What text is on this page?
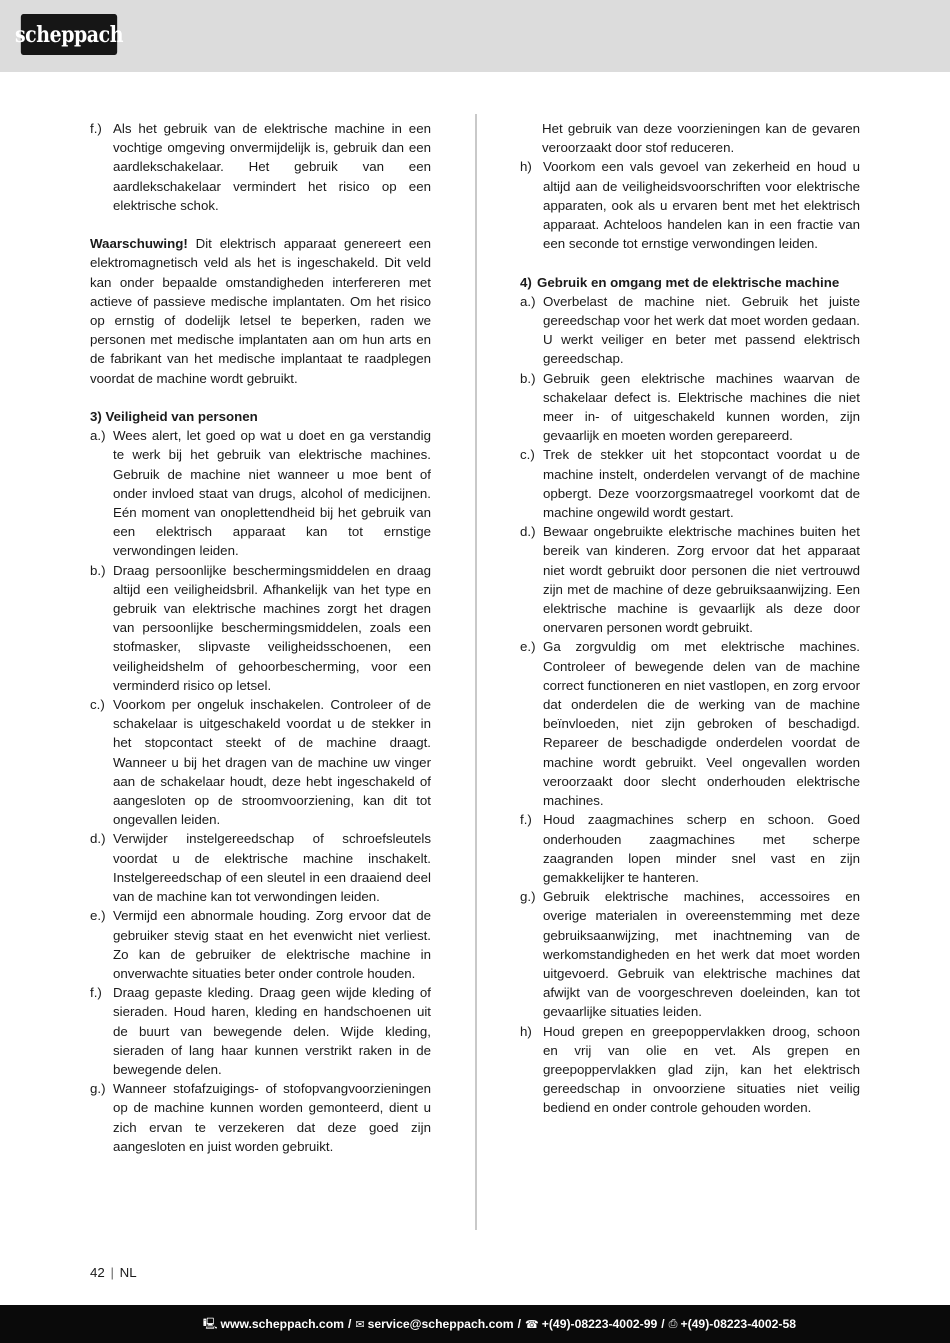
scheppach
f.) Als het gebruik van de elektrische machine in een vochtige omgeving onvermijdelijk is, gebruik dan een aardlekschakelaar. Het gebruik van een aardlekschakelaar vermindert het risico op een elektrische schok.

Waarschuwing! Dit elektrisch apparaat genereert een elektromagnetisch veld als het is ingeschakeld. Dit veld kan onder bepaalde omstandigheden interfereren met actieve of passieve medische implantaten. Om het risico op ernstig of dodelijk letsel te beperken, raden we personen met medische implantaten aan om hun arts en de fabrikant van het medische implantaat te raadplegen voordat de machine wordt gebruikt.

3) Veiligheid van personen
a.) Wees alert, let goed op wat u doet en ga verstandig te werk bij het gebruik van elektrische machines. Gebruik de machine niet wanneer u moe bent of onder invloed staat van drugs, alcohol of medicijnen. Eén moment van onoplettendheid bij het gebruik van een elektrisch apparaat kan tot ernstige verwondingen leiden.
b.) Draag persoonlijke beschermingsmiddelen en draag altijd een veiligheidsbril. Afhankelijk van het type en gebruik van elektrische machines zorgt het dragen van persoonlijke beschermingsmiddelen, zoals een stofmasker, slipvaste veiligheidsschoenen, een veiligheidshelm of gehoorbescherming, voor een verminderd risico op letsel.
c.) Voorkom per ongeluk inschakelen. Controleer of de schakelaar is uitgeschakeld voordat u de stekker in het stopcontact steekt of de machine draagt. Wanneer u bij het dragen van de machine uw vinger aan de schakelaar houdt, deze hebt ingeschakeld of aangesloten op de stroomvoorziening, kan dit tot ongevallen leiden.
d.) Verwijder instelgereedschap of schroefsleutels voordat u de elektrische machine inschakelt. Instelgereedschap of een sleutel in een draaiend deel van de machine kan tot verwondingen leiden.
e.) Vermijd een abnormale houding. Zorg ervoor dat de gebruiker stevig staat en het evenwicht niet verliest. Zo kan de gebruiker de elektrische machine in onverwachte situaties beter onder controle houden.
f.) Draag gepaste kleding. Draag geen wijde kleding of sieraden. Houd haren, kleding en handschoenen uit de buurt van bewegende delen. Wijde kleding, sieraden of lang haar kunnen verstrikt raken in de bewegende delen.
g.) Wanneer stofafzuigings- of stofopvangvoorzieningen op de machine kunnen worden gemonteerd, dient u zich ervan te verzekeren dat deze goed zijn aangesloten en juist worden gebruikt.
Het gebruik van deze voorzieningen kan de gevaren veroorzaakt door stof reduceren.
h) Voorkom een vals gevoel van zekerheid en houd u altijd aan de veiligheidsvoorschriften voor elektrische apparaten, ook als u ervaren bent met het elektrisch apparaat. Achteloos handelen kan in een fractie van een seconde tot ernstige verwondingen leiden.
4) Gebruik en omgang met de elektrische machine
a.) Overbelast de machine niet. Gebruik het juiste gereedschap voor het werk dat moet worden gedaan. U werkt veiliger en beter met passend elektrisch gereedschap.
b.) Gebruik geen elektrische machines waarvan de schakelaar defect is. Elektrische machines die niet meer in- of uitgeschakeld kunnen worden, zijn gevaarlijk en moeten worden gerepareerd.
c.) Trek de stekker uit het stopcontact voordat u de machine instelt, onderdelen vervangt of de machine opbergt. Deze voorzorgsmaatregel voorkomt dat de machine ongewild wordt gestart.
d.) Bewaar ongebruikte elektrische machines buiten het bereik van kinderen. Zorg ervoor dat het apparaat niet wordt gebruikt door personen die niet vertrouwd zijn met de machine of deze gebruiksaanwijzing. Een elektrische machine is gevaarlijk als deze door onervaren personen wordt gebruikt.
e.) Ga zorgvuldig om met elektrische machines. Controleer of bewegende delen van de machine correct functioneren en niet vastlopen, en zorg ervoor dat onderdelen die de werking van de machine beïnvloeden, niet zijn gebroken of beschadigd. Repareer de beschadigde onderdelen voordat de machine wordt gebruikt. Veel ongevallen worden veroorzaakt door slecht onderhouden elektrische machines.
f.) Houd zaagmachines scherp en schoon. Goed onderhouden zaagmachines met scherpe zaagranden lopen minder snel vast en zijn gemakkelijker te hanteren.
g.) Gebruik elektrische machines, accessoires en overige materialen in overeenstemming met deze gebruiksaanwijzing, met inachtneming van de werkomstandigheden en het werk dat moet worden uitgevoerd. Gebruik van elektrische machines dat afwijkt van de voorgeschreven doeleinden, kan tot gevaarlijke situaties leiden.
h) Houd grepen en greepoppervlakken droog, schoon en vrij van olie en vet. Als grepen en greepoppervlakken glad zijn, kan het elektrisch gereedschap in onvoorziene situaties niet veilig bediend en onder controle gehouden worden.
42 | NL
🖳 www.scheppach.com / ✉ service@scheppach.com / ☎ +(49)-08223-4002-99 / ⎙ +(49)-08223-4002-58
